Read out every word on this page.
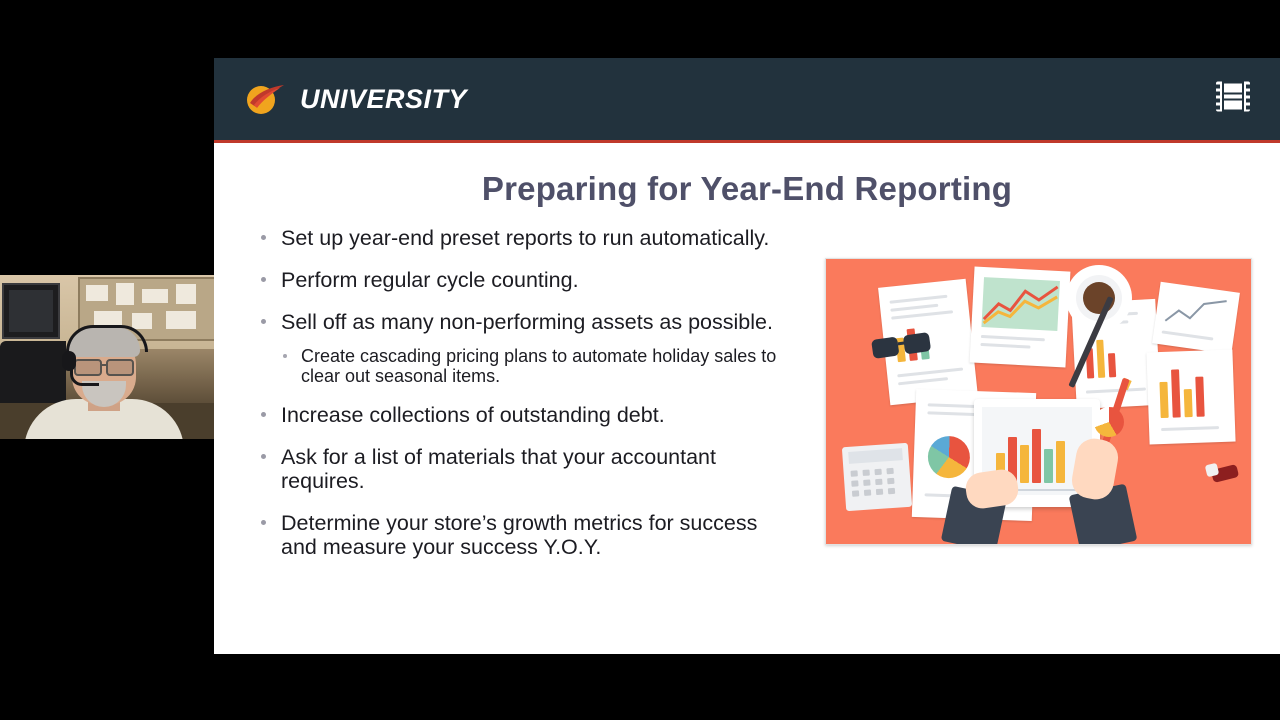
UNIVERSITY
Preparing for Year-End Reporting
Set up year-end preset reports to run automatically.
Perform regular cycle counting.
Sell off as many non-performing assets as possible.
Create cascading pricing plans to automate holiday sales to clear out seasonal items.
Increase collections of outstanding debt.
Ask for a list of materials that your accountant requires.
Determine your store’s growth metrics for success and measure your success Y.O.Y.
